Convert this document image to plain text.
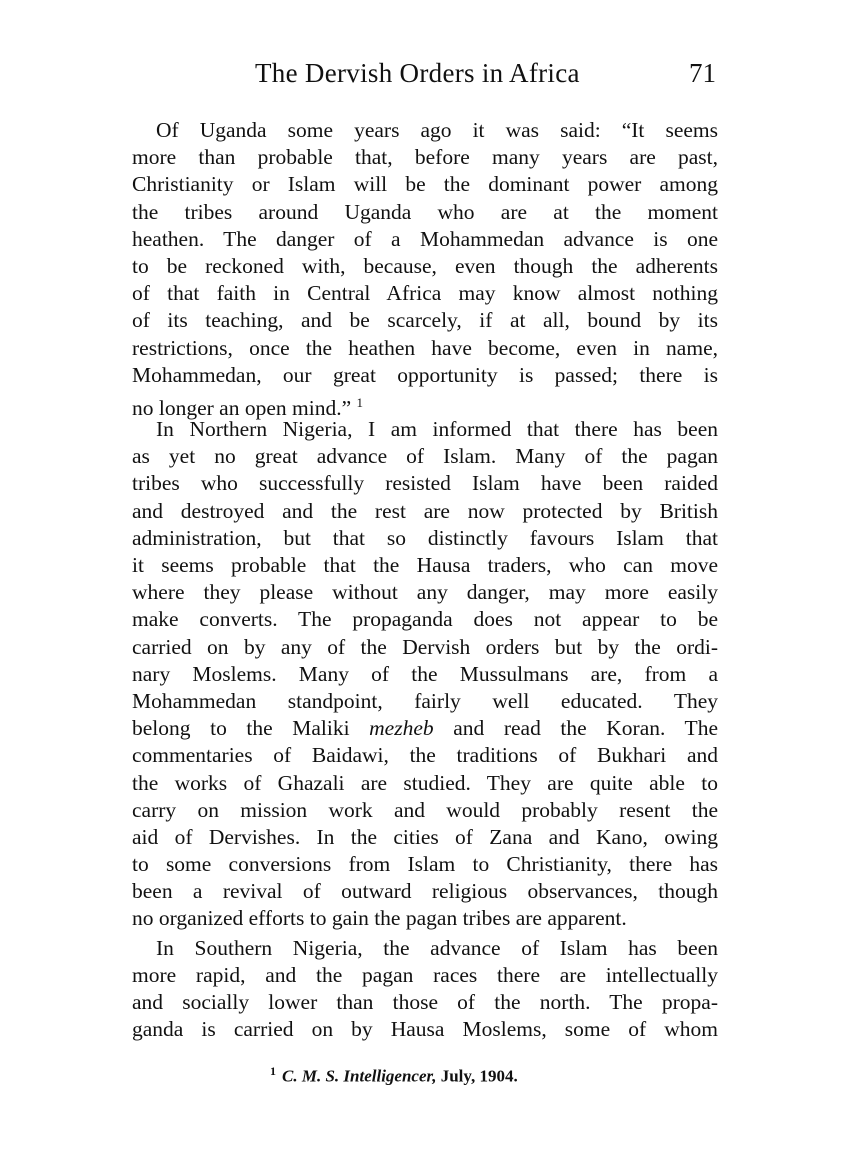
The Dervish Orders in Africa	71
Of Uganda some years ago it was said: “It seems
more than probable that, before many years are past,
Christianity or Islam will be the dominant power among
the tribes around Uganda who are at the moment
heathen. The danger of a Mohammedan advance is one
to be reckoned with, because, even though the adherents
of that faith in Central Africa may know almost nothing
of its teaching, and be scarcely, if at all, bound by its
restrictions, once the heathen have become, even in name,
Mohammedan, our great opportunity is passed; there is
no longer an open mind.” $^1$
In Northern Nigeria, I am informed that there has been
as yet no great advance of Islam. Many of the pagan
tribes who successfully resisted Islam have been raided
and destroyed and the rest are now protected by British
administration, but that so distinctly favours Islam that
it seems probable that the Hausa traders, who can move
where they please without any danger, may more easily
make converts. The propaganda does not appear to be
carried on by any of the Dervish orders but by the ordi-
nary Moslems. Many of the Mussulmans are, from a
Mohammedan standpoint, fairly well educated. They
belong to the Maliki mezheb and read the Koran. The
commentaries of Baidawi, the traditions of Bukhari and
the works of Ghazali are studied. They are quite able to
carry on mission work and would probably resent the
aid of Dervishes. In the cities of Zana and Kano, owing
to some conversions from Islam to Christianity, there has
been a revival of outward religious observances, though
no organized efforts to gain the pagan tribes are apparent.
In Southern Nigeria, the advance of Islam has been
more rapid, and the pagan races there are intellectually
and socially lower than those of the north. The propa-
ganda is carried on by Hausa Moslems, some of whom
$^1$ C. M. S. Intelligencer, July, 1904.
